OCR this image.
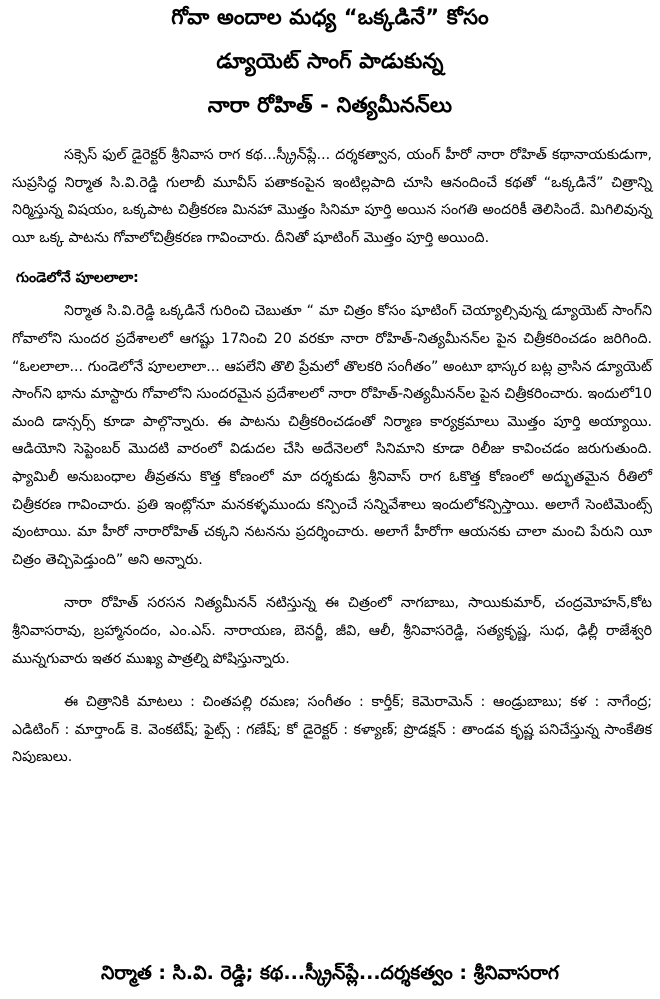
గోవా అందాల మధ్య “ఒక్కడినే” కోసం
డ్యూయెట్ సాంగ్ పాడుకున్న
నారా రోహిత్ - నిత్యమీనన్‌లు

సక్సెస్ ఫుల్ డైరెక్టర్ శ్రీనివాస రాగ కథ...స్క్రీన్‌ప్లే... దర్శకత్వాన, యంగ్ హీరో నారా రోహిత్ కథానాయకుడుగా, సుప్రసిద్ధ నిర్మాత సి.వి.రెడ్డి గులాబీ మూవీస్ పతాకంపైన ఇంటిల్లపాది చూసి ఆనందించే కథతో “ఒక్కడినే” చిత్రాన్ని నిర్మిస్తున్న విషయం, ఒక్కపాట చిత్రీకరణ మినహా మొత్తం సినిమా పూర్తి అయిన సంగతి అందరికీ తెలిసిందే. మిగిలివున్న యీ ఒక్క పాటను గోవాలోచిత్రీకరణ గావించారు. దీనితో షూటింగ్ మొత్తం పూర్తి అయింది.

గుండెలోనే పూలలాలా:

నిర్మాత సి.వి.రెడ్డి ఒక్కడినే గురించి చెబుతూ “ మా చిత్రం కోసం షూటింగ్ చెయ్యాల్సివున్న డ్యూయెట్ సాంగ్‌ని గోవాలోని సుందర ప్రదేశాలలో ఆగష్టు 17నించి 20 వరకూ నారా రోహిత్-నిత్యమీనన్‌ల పైన చిత్రీకరించడం జరిగింది. “ఓలలాలా... గుండెలోనే పూలలాలా... ఆపలేని తొలి ప్రేమలో తొలకరి సంగీతం” అంటూ భాస్కర బట్ల వ్రాసిన డ్యూయెట్ సాంగ్‌ని భాను మాస్టారు గోవాలోని సుందరమైన ప్రదేశాలలో నారా రోహిత్-నిత్యమీనన్‌ల పైన చిత్రీకరించారు. ఇందులో10 మంది డాన్సర్స్ కూడా పాల్గొన్నారు. ఈ పాటను చిత్రీకరించడంతో నిర్మాణ కార్యక్రమాలు మొత్తం పూర్తి అయ్యాయి. ఆడియోని సెప్టెంబర్ మొదటి వారంలో విడుదల చేసి అదేనెలలో సినిమాని కూడా రిలీజు కావించడం జరుగుతుంది. ఫ్యామిలీ అనుబంధాల తీవ్రతను కొత్త కోణంలో మా దర్శకుడు శ్రీనివాస్ రాగ ఓకొత్త కోణంలో అద్భుతమైన రీతిలో చిత్రీకరణ గావించారు. ప్రతి ఇంట్లోనూ మనకళ్ళముందు కన్పించే సన్నివేశాలు ఇందులోకన్పిస్తాయి. అలాగే సెంటిమెంట్స్ వుంటాయి. మా హీరో నారారోహిత్ చక్కని నటనను ప్రదర్శించారు. అలాగే హీరోగా ఆయనకు చాలా మంచి పేరుని యీ చిత్రం తెచ్చిపెడ్తుంది” అని అన్నారు.

నారా రోహిత్ సరసన నిత్యమీనన్ నటిస్తున్న ఈ చిత్రంలో నాగబాబు, సాయికుమార్, చంద్రమోహన్,కోట శ్రీనివాసరావు, బ్రహ్మానందం, ఎం.ఎస్. నారాయణ, బెనర్జీ, జీవి, ఆలీ, శ్రీనివాసరెడ్డి, సత్యకృష్ణ, సుధ, ఢిల్లీ రాజేశ్వరి మున్నగువారు ఇతర ముఖ్య పాత్రల్ని పోషిస్తున్నారు.

ఈ చిత్రానికి మాటలు : చింతపల్లి రమణ; సంగీతం : కార్తీక్; కెమెరామెన్ : ఆండ్రుబాబు; కళ : నాగేంద్ర; ఎడిటింగ్ : మార్తాండ్ కె. వెంకటేష్; ఫైట్స్ : గణేష్; కో డైరెక్టర్ : కళ్యాణ్; ప్రొడక్షన్ : తాండవ కృష్ణ పనిచేస్తున్న సాంకేతిక నిపుణులు.

నిర్మాత : సి.వి. రెడ్డి; కథ...స్క్రీన్‌ప్లే...దర్శకత్వం : శ్రీనివాసరాగ
